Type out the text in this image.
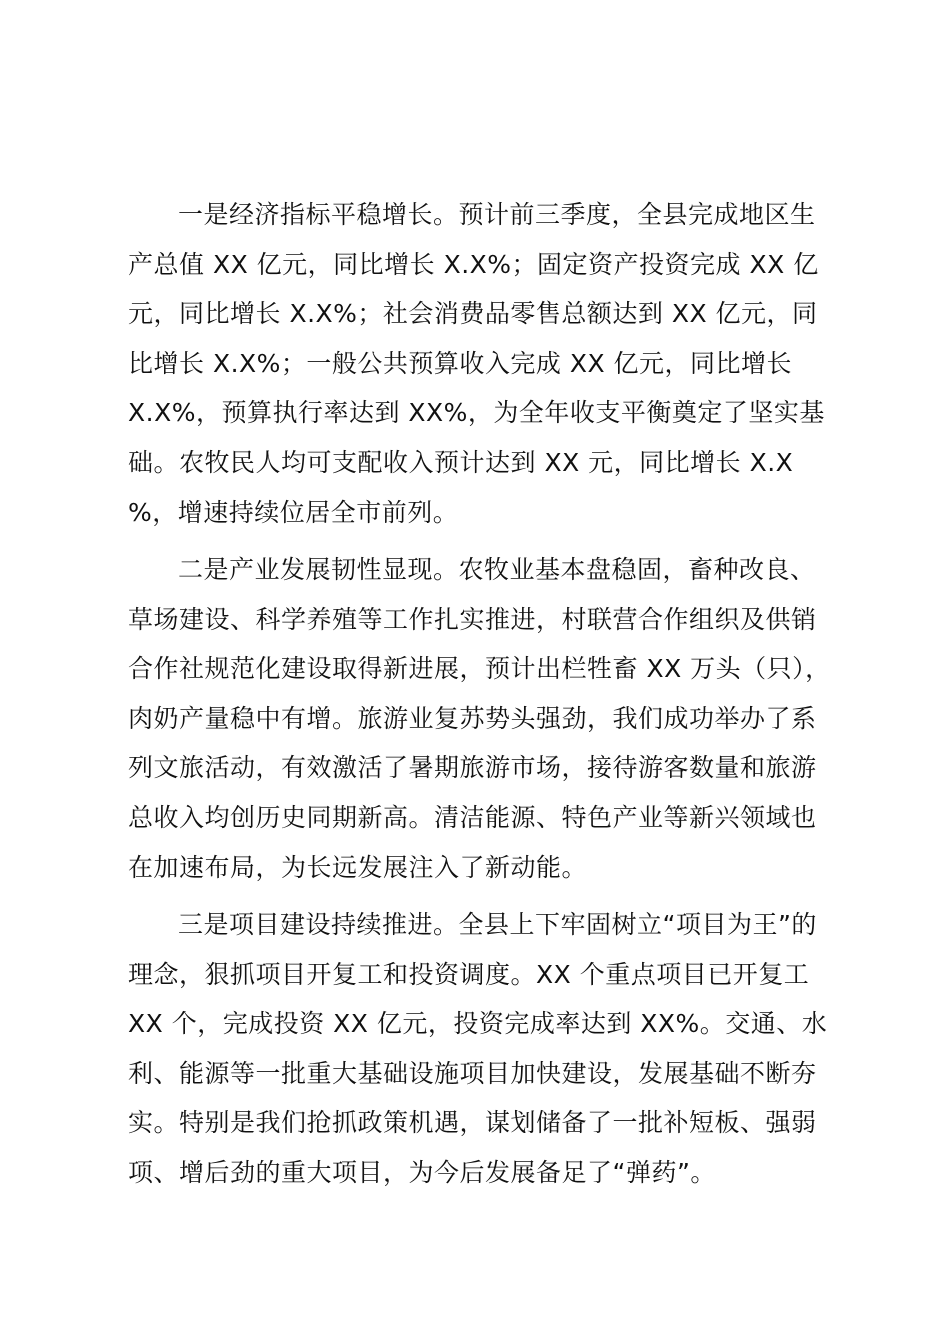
一是经济指标平稳增长。预计前三季度，全县完成地区生
产总值 XX 亿元，同比增长 X.X%；固定资产投资完成 XX 亿
元，同比增长 X.X%；社会消费品零售总额达到 XX 亿元，同
比增长 X.X%；一般公共预算收入完成 XX 亿元，同比增长
X.X%，预算执行率达到 XX%，为全年收支平衡奠定了坚实基
础。农牧民人均可支配收入预计达到 XX 元，同比增长 X.X
%，增速持续位居全市前列。
二是产业发展韧性显现。农牧业基本盘稳固，畜种改良、
草场建设、科学养殖等工作扎实推进，村联营合作组织及供销
合作社规范化建设取得新进展，预计出栏牲畜 XX 万头（只），
肉奶产量稳中有增。旅游业复苏势头强劲，我们成功举办了系
列文旅活动，有效激活了暑期旅游市场，接待游客数量和旅游
总收入均创历史同期新高。清洁能源、特色产业等新兴领域也
在加速布局，为长远发展注入了新动能。
三是项目建设持续推进。全县上下牢固树立“项目为王”的
理念，狠抓项目开复工和投资调度。XX 个重点项目已开复工
XX 个，完成投资 XX 亿元，投资完成率达到 XX%。交通、水
利、能源等一批重大基础设施项目加快建设，发展基础不断夯
实。特别是我们抢抓政策机遇，谋划储备了一批补短板、强弱
项、增后劲的重大项目，为今后发展备足了“弹药”。
